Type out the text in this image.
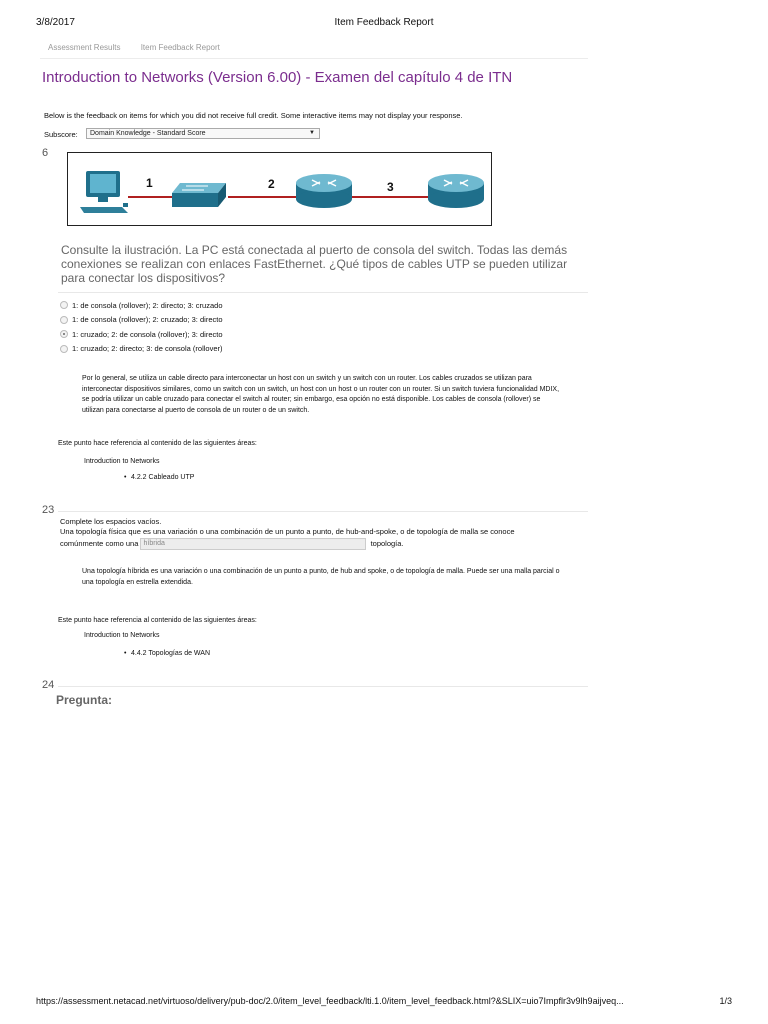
3/8/2017	Item Feedback Report
Assessment Results	Item Feedback Report
Introduction to Networks (Version 6.00) - Examen del capítulo 4 de ITN
Below is the feedback on items for which you did not receive full credit. Some interactive items may not display your response.
Subscore:	Domain Knowledge - Standard Score	▼
6
1	2	3
Consulte la ilustración. La PC está conectada al puerto de consola del switch. Todas las demás conexiones se realizan con enlaces FastEthernet. ¿Qué tipos de cables UTP se pueden utilizar para conectar los dispositivos?
1: de consola (rollover); 2: directo; 3: cruzado
1: de consola (rollover); 2: cruzado; 3: directo
1: cruzado; 2: de consola (rollover); 3: directo
1: cruzado; 2: directo; 3: de consola (rollover)
Por lo general, se utiliza un cable directo para interconectar un host con un switch y un switch con un router. Los cables cruzados se utilizan para interconectar dispositivos similares, como un switch con un switch, un host con un host o un router con un router. Si un switch tuviera funcionalidad MDIX, se podría utilizar un cable cruzado para conectar el switch al router; sin embargo, esa opción no está disponible. Los cables de consola (rollover) se utilizan para conectarse al puerto de consola de un router o de un switch.
Este punto hace referencia al contenido de las siguientes áreas:
Introduction to Networks
• 4.2.2 Cableado UTP
23
Complete los espacios vacíos.
Una topología física que es una variación o una combinación de un punto a punto, de hub-and-spoke, o de topología de malla se conoce
comúnmente como una híbrida	topología.
Una topología híbrida es una variación o una combinación de un punto a punto, de hub and spoke, o de topología de malla. Puede ser una malla parcial o una topología en estrella extendida.
Este punto hace referencia al contenido de las siguientes áreas:
Introduction to Networks
• 4.4.2 Topologías de WAN
24
Pregunta:
https://assessment.netacad.net/virtuoso/delivery/pub-doc/2.0/item_level_feedback/lti.1.0/item_level_feedback.html?&SLIX=uio7Impflr3v9lh9aijveq...	1/3
